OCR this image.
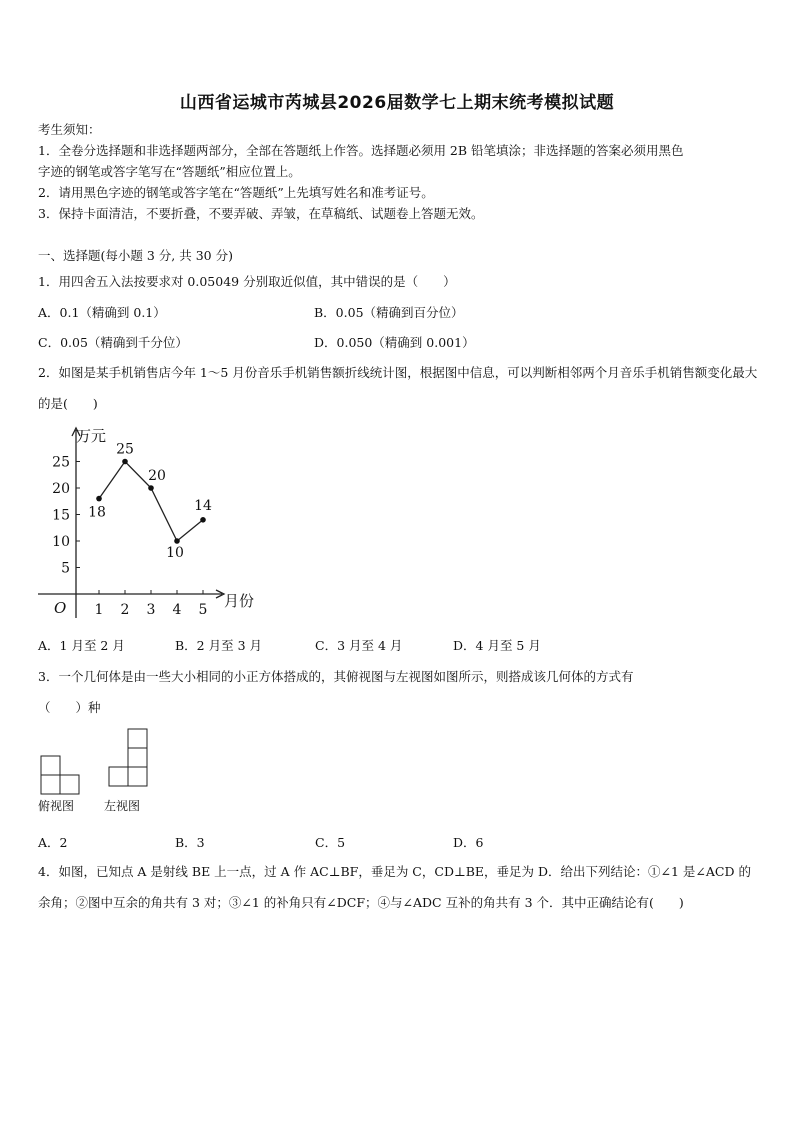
山西省运城市芮城县2026届数学七上期末统考模拟试题
考生须知：
1．全卷分选择题和非选择题两部分，全部在答题纸上作答。选择题必须用 2B 铅笔填涂；非选择题的答案必须用黑色
字迹的钢笔或答字笔写在“答题纸”相应位置上。
2．请用黑色字迹的钢笔或答字笔在“答题纸”上先填写姓名和准考证号。
3．保持卡面清洁，不要折叠，不要弄破、弄皱，在草稿纸、试题卷上答题无效。
一、选择题(每小题 3 分, 共 30 分)
1．用四舍五入法按要求对 0.05049 分别取近似值，其中错误的是（　　）
A．0.1（精确到 0.1）	B．0.05（精确到百分位）
C．0.05（精确到千分位）	D．0.050（精确到 0.001）
2．如图是某手机销售店今年 1～5 月份音乐手机销售额折线统计图，根据图中信息，可以判断相邻两个月音乐手机销售额变化最大的是(　　)
5
10
15
20
25
1 2 3 4 5
18
25
20
10
14
万元
月份
O
A．1 月至 2 月	B．2 月至 3 月	C．3 月至 4 月	D．4 月至 5 月
3．一个几何体是由一些大小相同的小正方体搭成的，其俯视图与左视图如图所示，则搭成该几何体的方式有
（　　）种
俯视图 左视图
A．2	B．3	C．5	D．6
4．如图，已知点 A 是射线 BE 上一点，过 A 作 AC⊥BF，垂足为 C，CD⊥BE，垂足为 D．给出下列结论：①∠1 是∠ACD 的余角；②图中互余的角共有 3 对；③∠1 的补角只有∠DCF；④与∠ADC 互补的角共有 3 个．其中正确结论有(　　)
